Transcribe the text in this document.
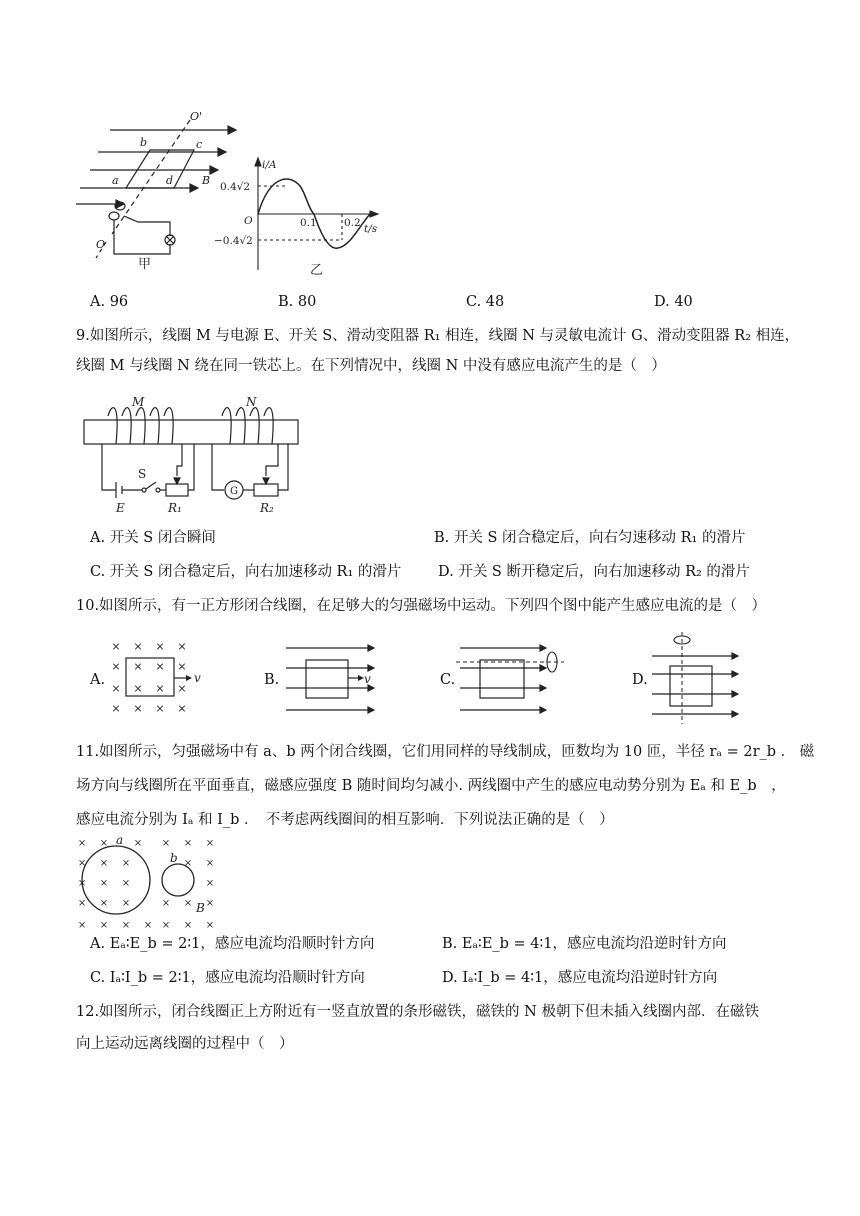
O'
b	c
a	d	B
O
甲
i/A
0.4√2
O	0.1	0.2 t/s
−0.4√2
乙
A. 96	B. 80	C. 48	D. 40
9.如图所示，线圈 M 与电源 E、开关 S、滑动变阻器 R₁ 相连，线圈 N 与灵敏电流计 G、滑动变阻器 R₂ 相连，
线圈 M 与线圈 N 绕在同一铁芯上。在下列情况中，线圈 N 中没有感应电流产生的是（　）
M	N
S
E	R₁
G
R₂
A. 开关 S 闭合瞬间	B. 开关 S 闭合稳定后，向右匀速移动 R₁ 的滑片
C. 开关 S 闭合稳定后，向右加速移动 R₁ 的滑片	D. 开关 S 断开稳定后，向右加速移动 R₂ 的滑片
10.如图所示，有一正方形闭合线圈，在足够大的匀强磁场中运动。下列四个图中能产生感应电流的是（　）
A.
× × × ×
× × × ×
× × × ×
× × × ×
v	B.	v	C.	D.
11.如图所示，匀强磁场中有 a、b 两个闭合线圈，它们用同样的导线制成，匝数均为 10 匝，半径 rₐ = 2r_b ． 磁
场方向与线圈所在平面垂直，磁感应强度 B 随时间均匀减小. 两线圈中产生的感应电动势分别为 Eₐ 和 E_b　，
感应电流分别为 Iₐ 和 I_b ．　不考虑两线圈间的相互影响．下列说法正确的是（　）
× ×	× × × ×
× × ×	× ×
× × ×	×
× × ×	× × ×
× × × × × × ×
a
b
B
A. Eₐ∶E_b = 2∶1，感应电流均沿顺时针方向	B. Eₐ∶E_b = 4∶1，感应电流均沿逆时针方向
C. Iₐ∶I_b = 2∶1，感应电流均沿顺时针方向	D. Iₐ∶I_b = 4∶1，感应电流均沿逆时针方向
12.如图所示，闭合线圈正上方附近有一竖直放置的条形磁铁，磁铁的 N 极朝下但未插入线圈内部．在磁铁
向上运动远离线圈的过程中（　）
